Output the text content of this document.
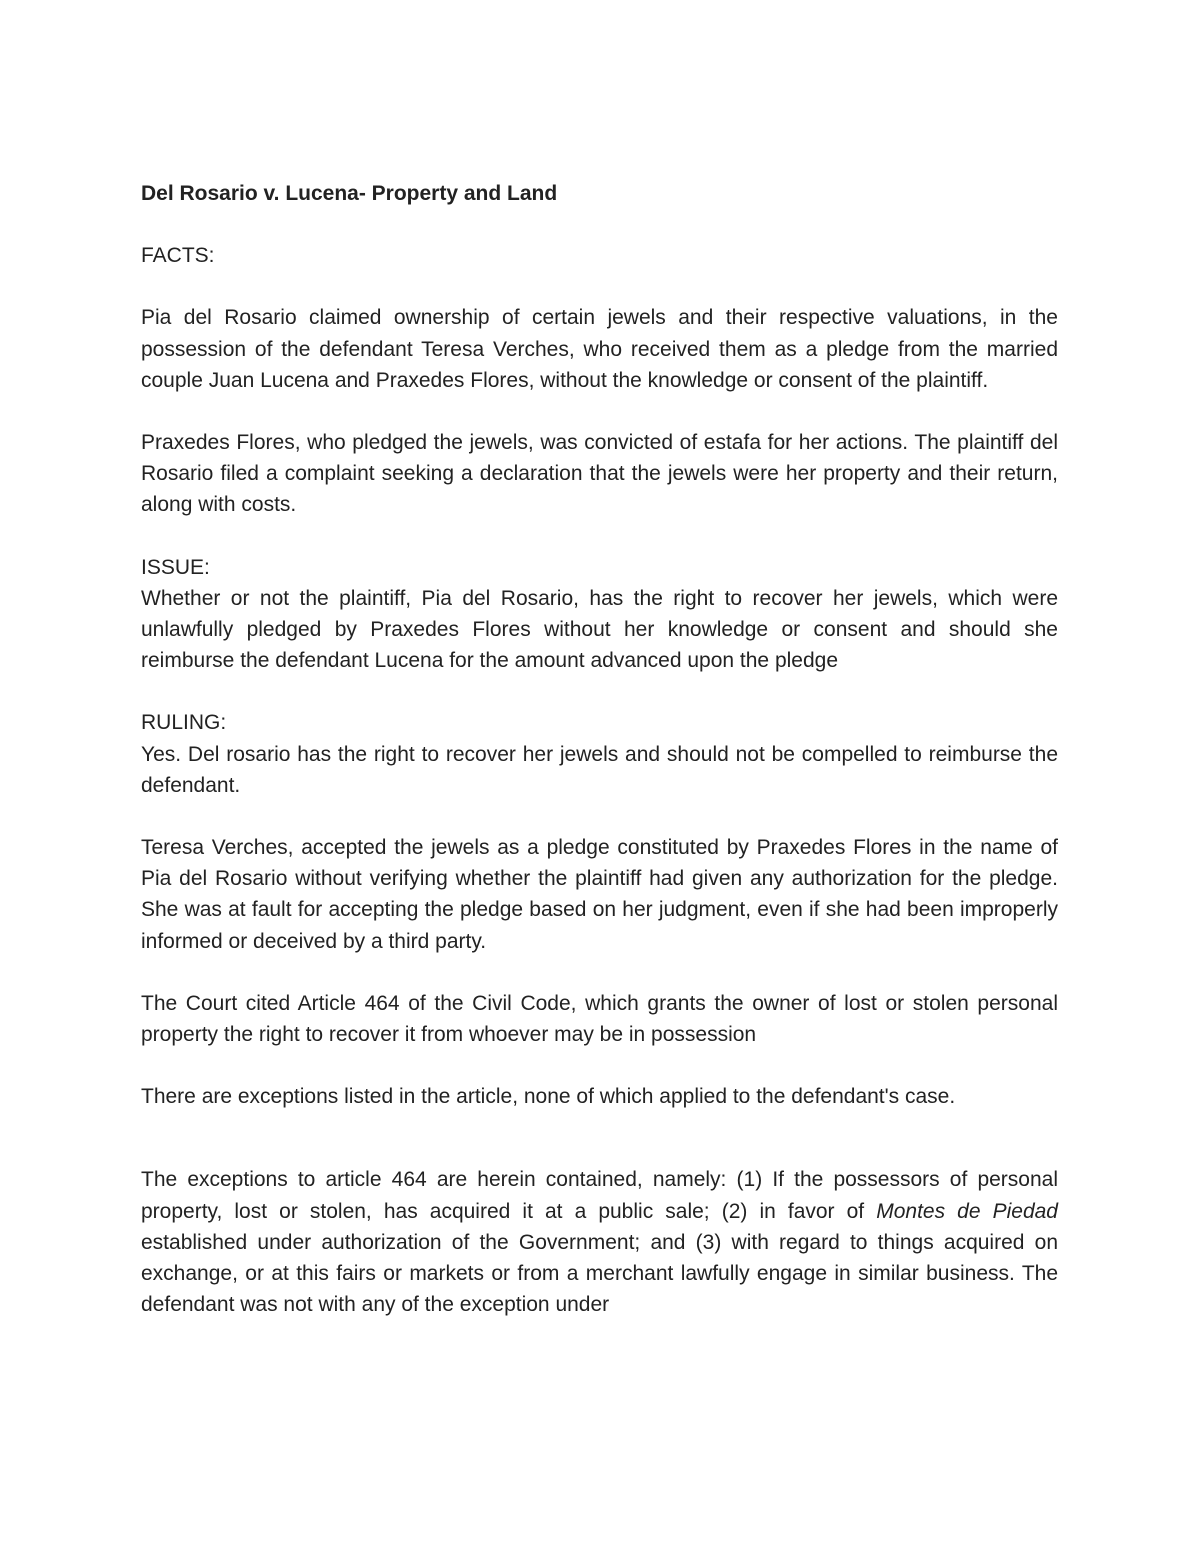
Del Rosario v. Lucena- Property and Land

FACTS:

Pia del Rosario claimed ownership of certain jewels and their respective valuations, in the possession of the defendant Teresa Verches, who received them as a pledge from the married couple Juan Lucena and Praxedes Flores, without the knowledge or consent of the plaintiff.

Praxedes Flores, who pledged the jewels, was convicted of estafa for her actions. The plaintiff del Rosario filed a complaint seeking a declaration that the jewels were her property and their return, along with costs.

ISSUE:

Whether or not the plaintiff, Pia del Rosario, has the right to recover her jewels, which were unlawfully pledged by Praxedes Flores without her knowledge or consent and should she reimburse the defendant Lucena for the amount advanced upon the pledge

RULING:

Yes. Del rosario has the right to recover her jewels and should not be compelled to reimburse the defendant.

Teresa Verches, accepted the jewels as a pledge constituted by Praxedes Flores in the name of Pia del Rosario without verifying whether the plaintiff had given any authorization for the pledge. She was at fault for accepting the pledge based on her judgment, even if she had been improperly informed or deceived by a third party.

The Court cited Article 464 of the Civil Code, which grants the owner of lost or stolen personal property the right to recover it from whoever may be in possession

There are exceptions listed in the article, none of which applied to the defendant's case.

The exceptions to article 464 are herein contained, namely: (1) If the possessors of personal property, lost or stolen, has acquired it at a public sale; (2) in favor of Montes de Piedad established under authorization of the Government; and (3) with regard to things acquired on exchange, or at this fairs or markets or from a merchant lawfully engage in similar business. The defendant was not with any of the exception under
